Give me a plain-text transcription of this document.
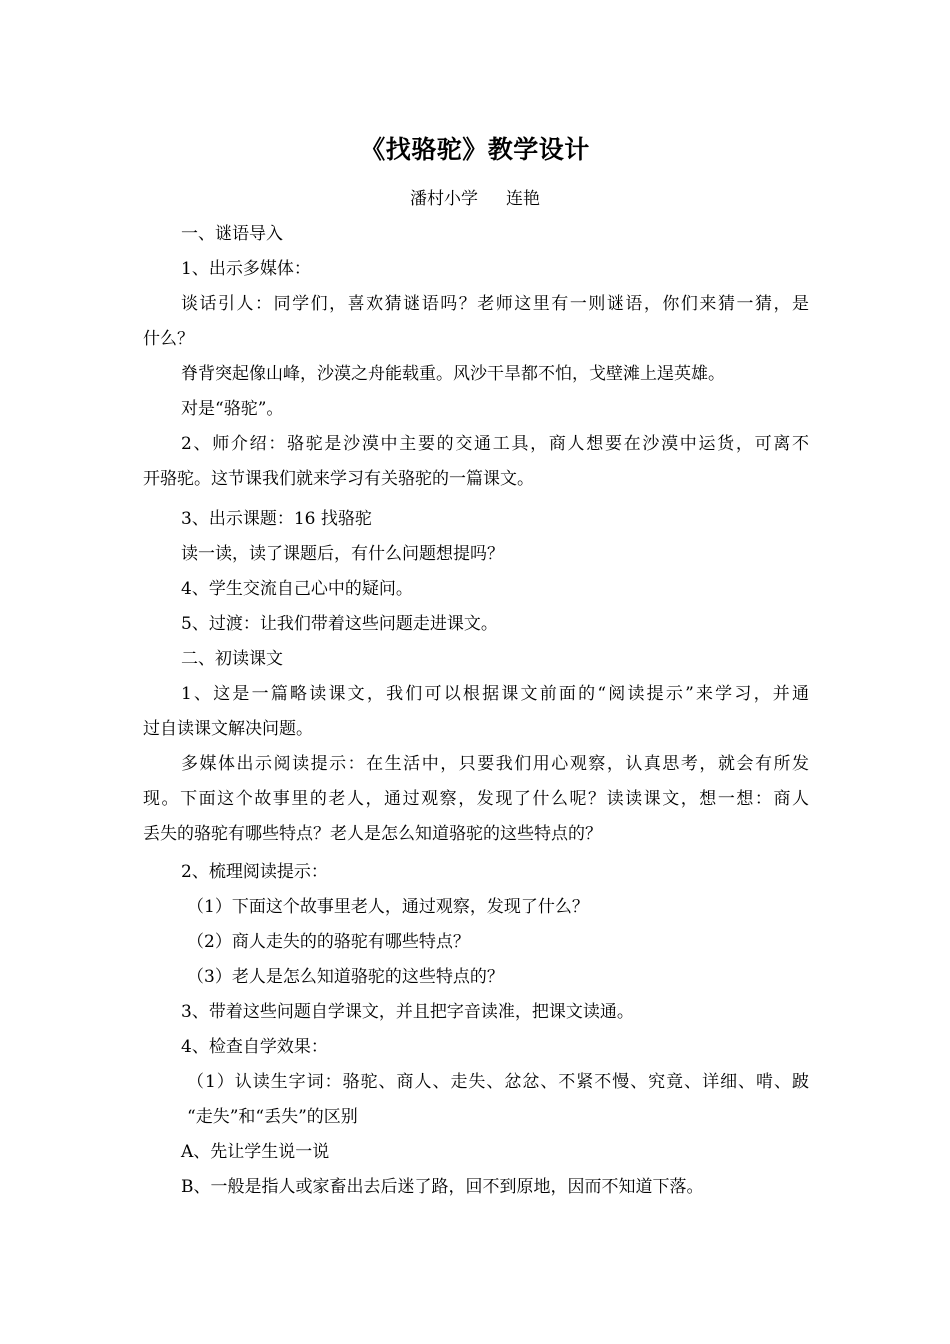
《找骆驼》教学设计
潘村小学 连艳
一、谜语导入
1、出示多媒体：
谈话引人：同学们，喜欢猜谜语吗？老师这里有一则谜语，你们来猜一猜，是
什么？
脊背突起像山峰，沙漠之舟能载重。风沙干旱都不怕，戈壁滩上逞英雄。
对是“骆驼”。
2、师介绍：骆驼是沙漠中主要的交通工具，商人想要在沙漠中运货，可离不
开骆驼。这节课我们就来学习有关骆驼的一篇课文。
3、出示课题：16 找骆驼
读一读，读了课题后，有什么问题想提吗？
4、学生交流自己心中的疑问。
5、过渡：让我们带着这些问题走进课文。
二、初读课文
1、这是一篇略读课文，我们可以根据课文前面的“阅读提示”来学习，并通
过自读课文解决问题。
多媒体出示阅读提示：在生活中，只要我们用心观察，认真思考，就会有所发
现。下面这个故事里的老人，通过观察，发现了什么呢？读读课文，想一想：商人
丢失的骆驼有哪些特点？老人是怎么知道骆驼的这些特点的？
2、梳理阅读提示：
（1）下面这个故事里老人，通过观察，发现了什么？
（2）商人走失的的骆驼有哪些特点？
（3）老人是怎么知道骆驼的这些特点的？
3、带着这些问题自学课文，并且把字音读准，把课文读通。
4、检查自学效果：
（1）认读生字词：骆驼、商人、走失、忿忿、不紧不慢、究竟、详细、啃、跛
“走失”和“丢失”的区别
A、先让学生说一说
B、一般是指人或家畜出去后迷了路，回不到原地，因而不知道下落。
